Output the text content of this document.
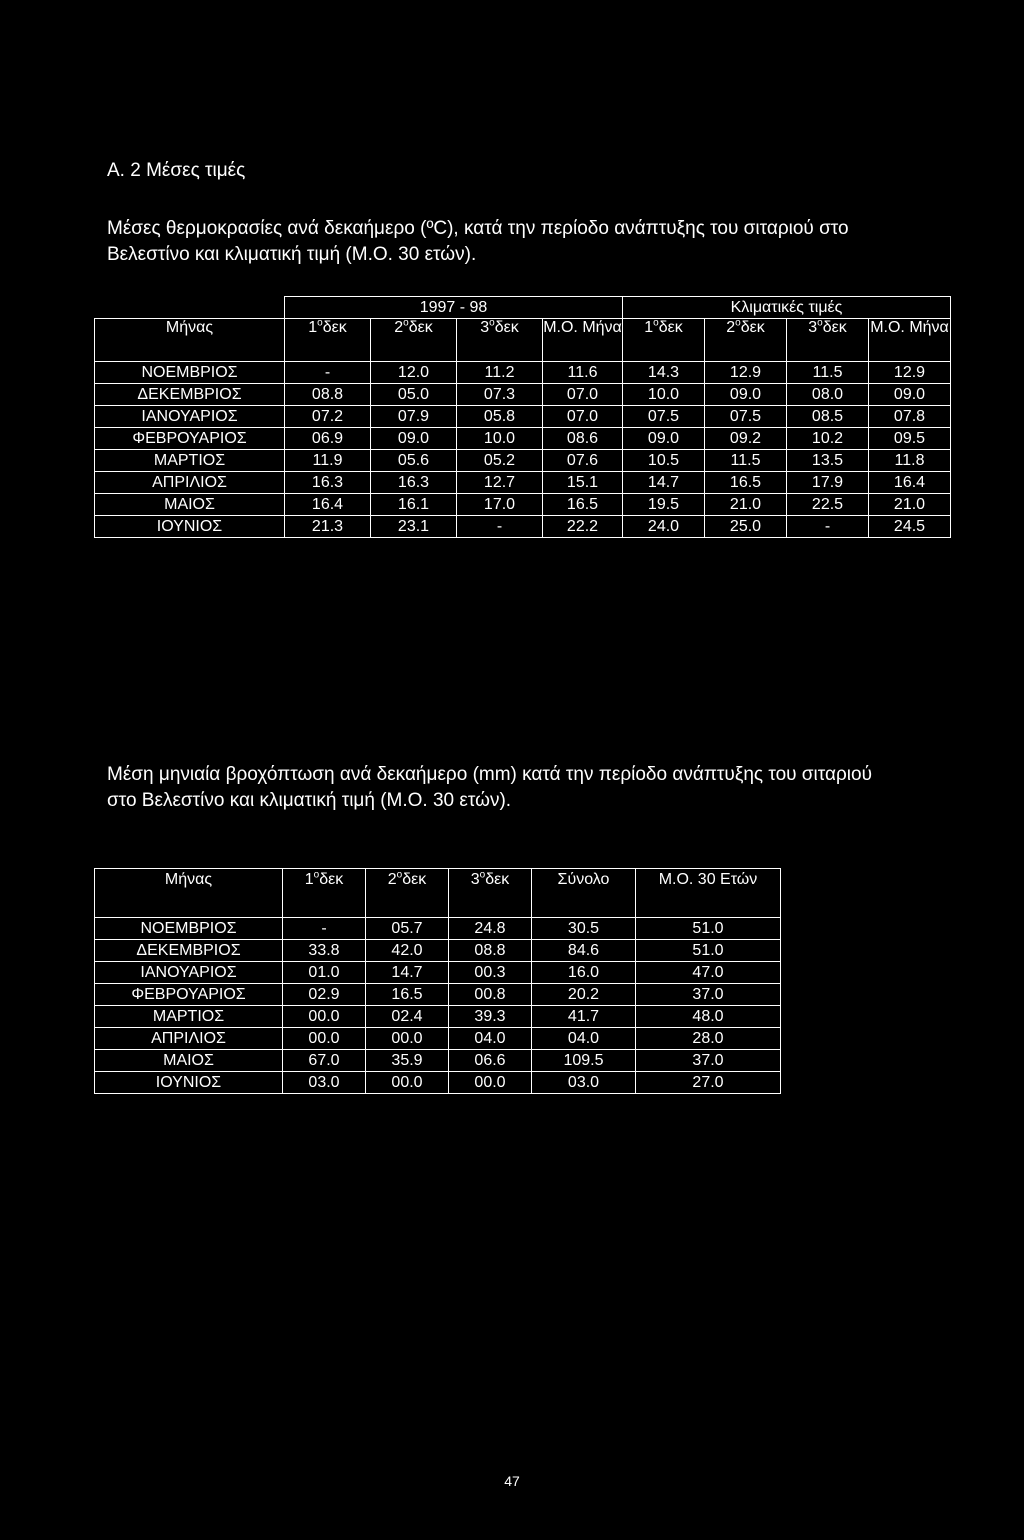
Α. 2 Μέσες τιμές
Μέσες θερμοκρασίες ανά δεκαήμερο (ºC), κατά την περίοδο ανάπτυξης του σιταριού στο Βελεστίνο και κλιματική τιμή (Μ.Ο. 30 ετών).
	1997 - 98				Κλιματικές τιμές			
Μήνας	1$^o$δεκ	2$^o$δεκ	3$^o$δεκ	Μ.Ο. Μήνα	1$^o$δεκ	2$^o$δεκ	3$^o$δεκ	Μ.Ο. Μήνα
ΝΟΕΜΒΡΙΟΣ	-	12.0	11.2	11.6	14.3	12.9	11.5	12.9
ΔΕΚΕΜΒΡΙΟΣ	08.8	05.0	07.3	07.0	10.0	09.0	08.0	09.0
ΙΑΝΟΥΑΡΙΟΣ	07.2	07.9	05.8	07.0	07.5	07.5	08.5	07.8
ΦΕΒΡΟΥΑΡΙΟΣ	06.9	09.0	10.0	08.6	09.0	09.2	10.2	09.5
ΜΑΡΤΙΟΣ	11.9	05.6	05.2	07.6	10.5	11.5	13.5	11.8
ΑΠΡΙΛΙΟΣ	16.3	16.3	12.7	15.1	14.7	16.5	17.9	16.4
ΜΑΙΟΣ	16.4	16.1	17.0	16.5	19.5	21.0	22.5	21.0
ΙΟΥΝΙΟΣ	21.3	23.1	-	22.2	24.0	25.0	-	24.5
Μέση μηνιαία βροχόπτωση ανά δεκαήμερο (mm) κατά την περίοδο ανάπτυξης του σιταριού στο Βελεστίνο και κλιματική τιμή (Μ.Ο. 30 ετών).
Μήνας	1$^o$δεκ	2$^o$δεκ	3$^o$δεκ	Σύνολο	Μ.Ο. 30 Ετών
ΝΟΕΜΒΡΙΟΣ	-	05.7	24.8	30.5	51.0
ΔΕΚΕΜΒΡΙΟΣ	33.8	42.0	08.8	84.6	51.0
ΙΑΝΟΥΑΡΙΟΣ	01.0	14.7	00.3	16.0	47.0
ΦΕΒΡΟΥΑΡΙΟΣ	02.9	16.5	00.8	20.2	37.0
ΜΑΡΤΙΟΣ	00.0	02.4	39.3	41.7	48.0
ΑΠΡΙΛΙΟΣ	00.0	00.0	04.0	04.0	28.0
ΜΑΙΟΣ	67.0	35.9	06.6	109.5	37.0
ΙΟΥΝΙΟΣ	03.0	00.0	00.0	03.0	27.0
47
